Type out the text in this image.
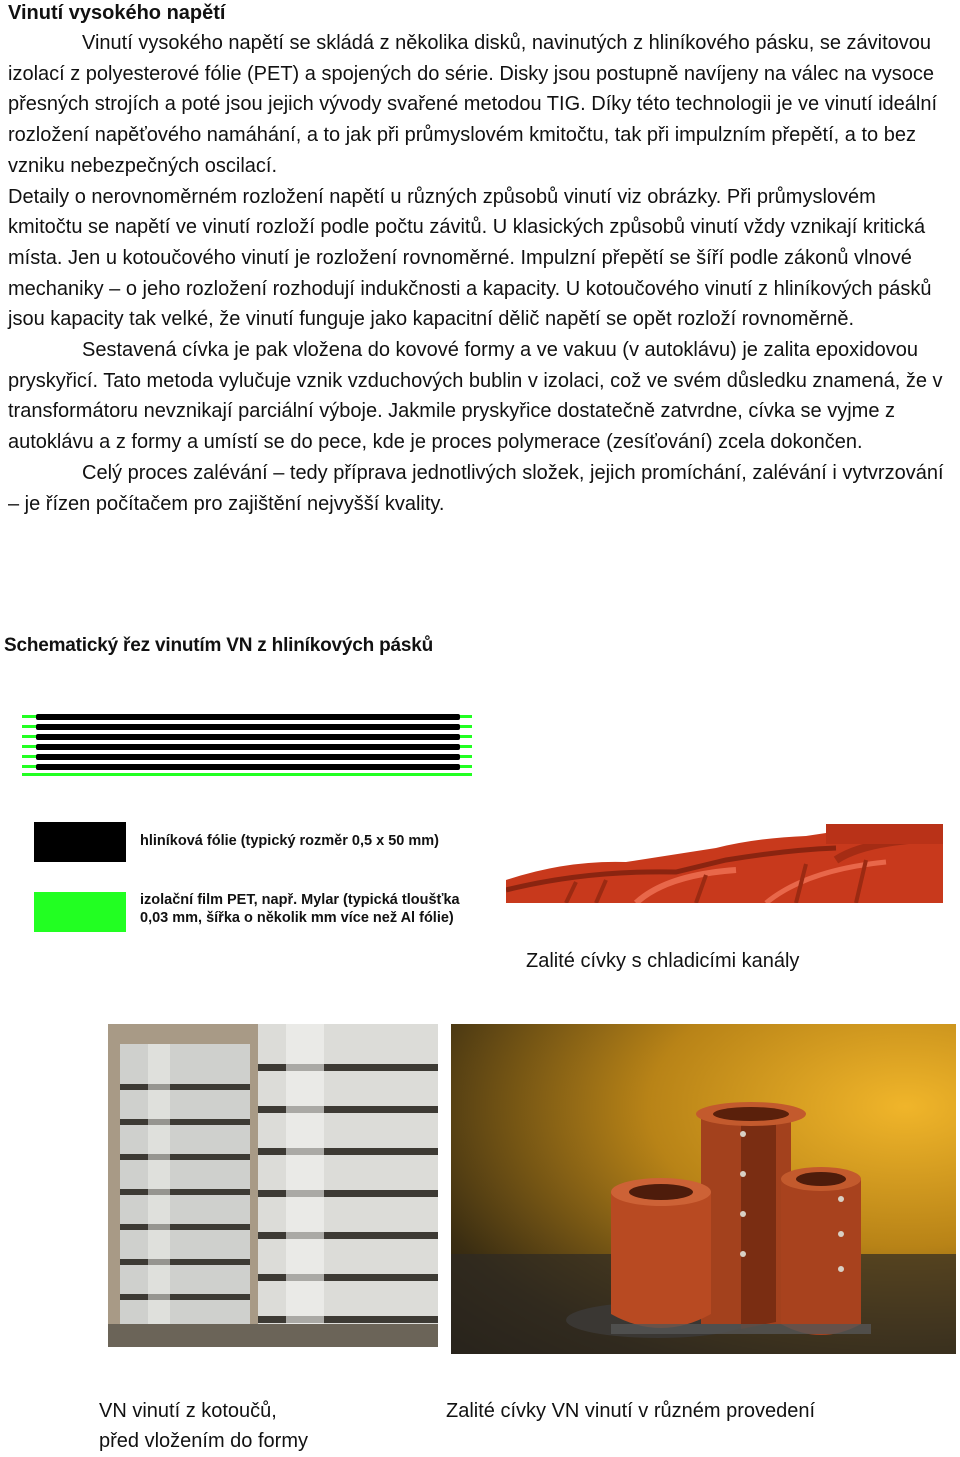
Vinutí vysokého napětí

Vinutí vysokého napětí se skládá z několika disků, navinutých z hliníkového pásku, se závitovou izolací z polyesterové fólie (PET) a spojených do série. Disky jsou postupně navíjeny na válec na vysoce přesných strojích a poté jsou jejich vývody svařené metodou TIG. Díky této technologii je ve vinutí ideální rozložení napěťového namáhání, a to jak při průmyslovém kmitočtu, tak při impulzním přepětí, a to bez vzniku nebezpečných oscilací.

Detaily o nerovnoměrném rozložení napětí u různých způsobů vinutí viz obrázky. Při průmyslovém kmitočtu se napětí ve vinutí rozloží podle počtu závitů. U klasických způsobů vinutí vždy vznikají kritická místa. Jen u kotoučového vinutí je rozložení rovnoměrné. Impulzní přepětí se šíří podle zákonů vlnové mechaniky – o jeho rozložení rozhodují indukčnosti a kapacity. U kotoučového vinutí z hliníkových pásků jsou kapacity tak velké, že vinutí funguje jako kapacitní dělič napětí se opět rozloží rovnoměrně.

Sestavená cívka je pak vložena do kovové formy a ve vakuu (v autoklávu) je zalita epoxidovou pryskyřicí. Tato metoda vylučuje vznik vzduchových bublin v izolaci, což ve svém důsledku znamená, že v transformátoru nevznikají parciální výboje. Jakmile pryskyřice dostatečně zatvrdne, cívka se vyjme z autoklávu a z formy a umístí se do pece, kde je proces polymerace (zesíťování) zcela dokončen.

Celý proces zalévání – tedy příprava jednotlivých složek, jejich promíchání, zalévání i vytvrzování – je řízen počítačem pro zajištění nejvyšší kvality.

Schematický řez vinutím VN z hliníkových pásků
hliníková fólie (typický rozměr 0,5 x 50 mm)
izolační film PET, např. Mylar (typická tloušťka 0,03 mm, šířka o několik mm více než Al fólie)
Zalité cívky s chladicími kanály
VN vinutí z kotoučů,
před vložením do formy
Zalité cívky VN vinutí v různém provedení
